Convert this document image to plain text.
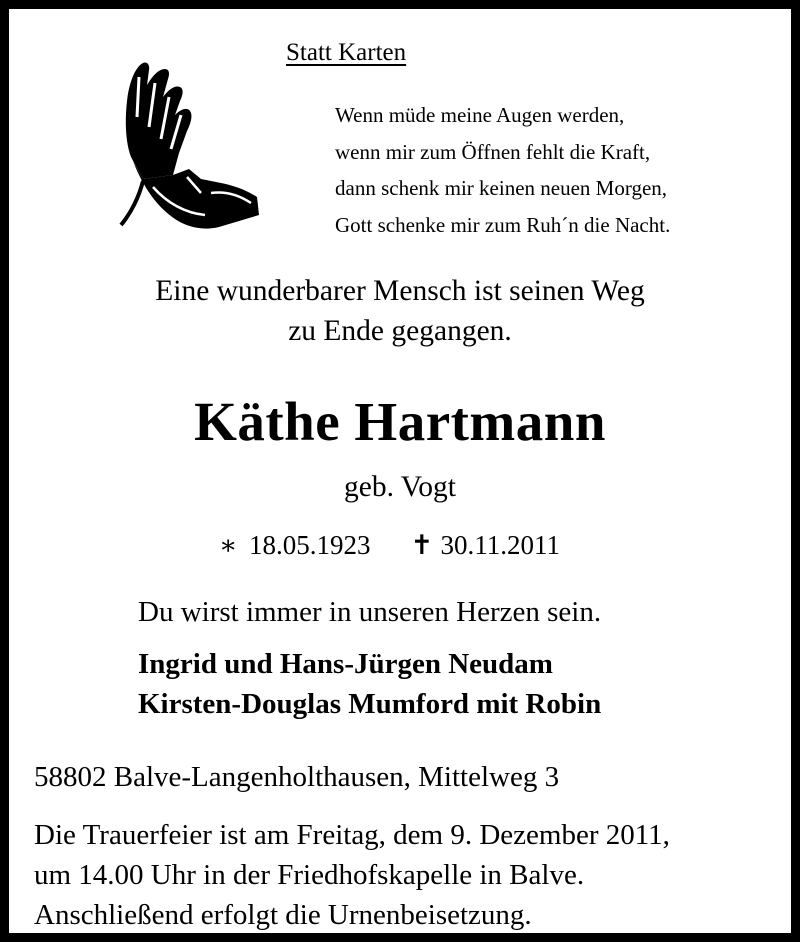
Statt Karten
Wenn müde meine Augen werden,
wenn mir zum Öffnen fehlt die Kraft,
dann schenk mir keinen neuen Morgen,
Gott schenke mir zum Ruh´n die Nacht.
Eine wunderbarer Mensch ist seinen Weg
zu Ende gegangen.
Käthe Hartmann
geb. Vogt
∗ 18.05.1923 ✝ 30.11.2011
Du wirst immer in unseren Herzen sein.
Ingrid und Hans-Jürgen Neudam
Kirsten-Douglas Mumford mit Robin
58802 Balve-Langenholthausen, Mittelweg 3
Die Trauerfeier ist am Freitag, dem 9. Dezember 2011,
um 14.00 Uhr in der Friedhofskapelle in Balve.
Anschließend erfolgt die Urnenbeisetzung.
